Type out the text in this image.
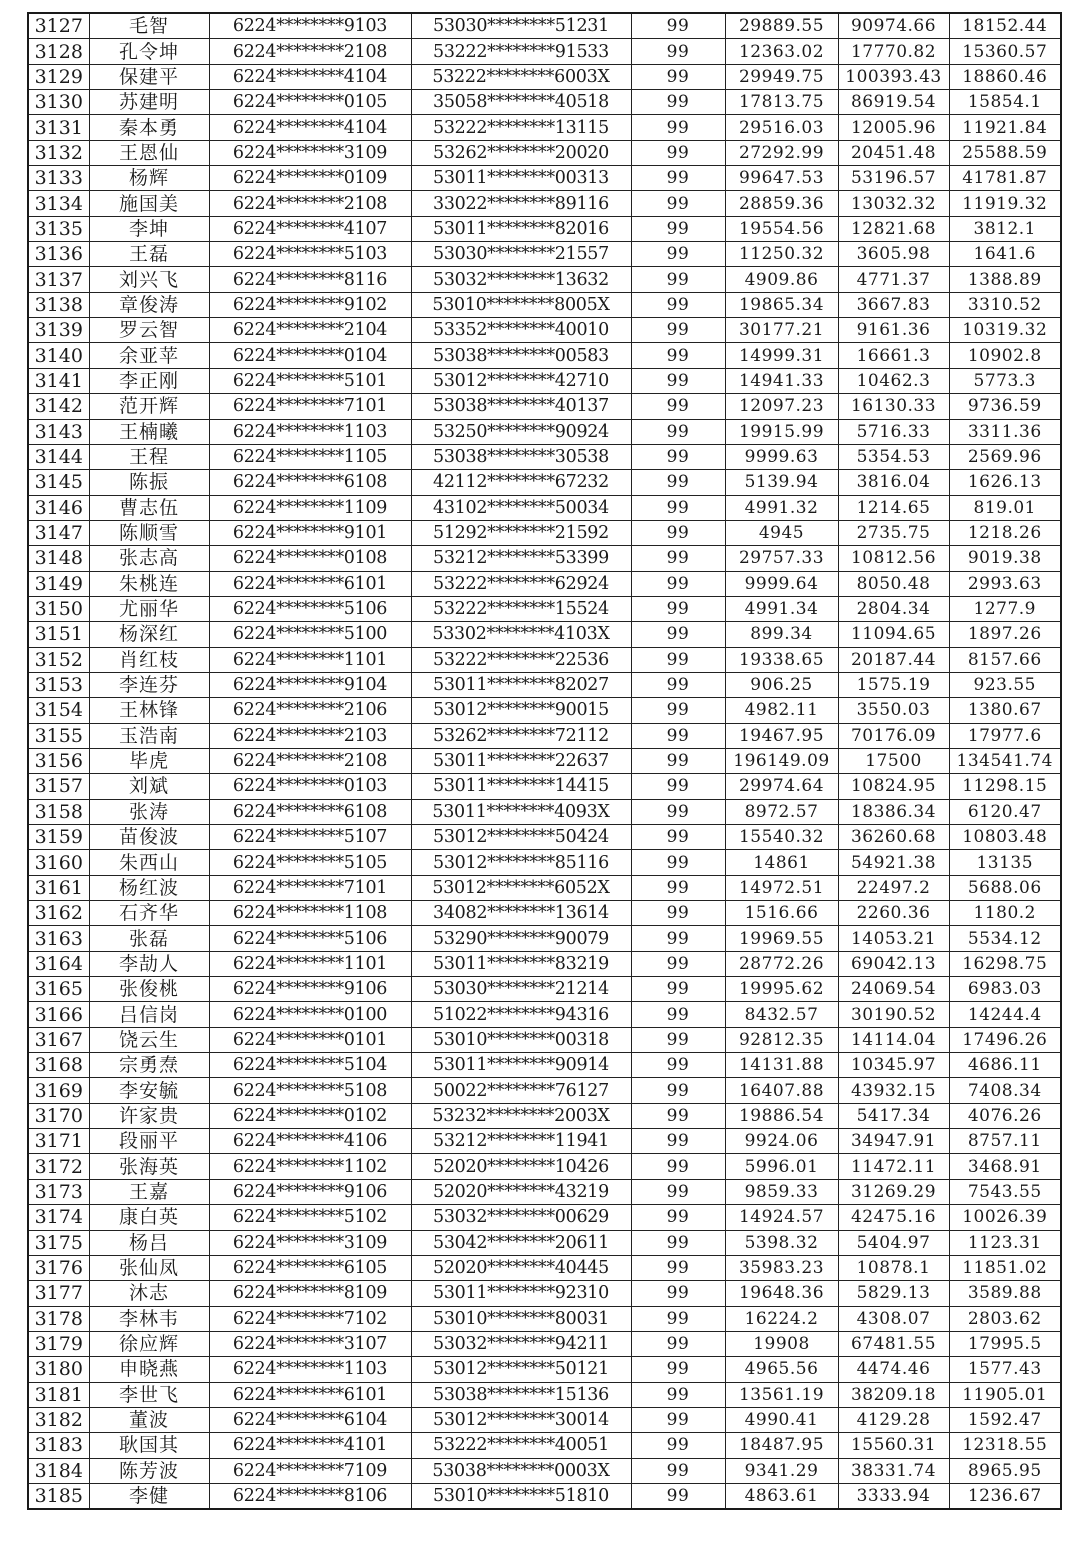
3127	毛智	6224********9103	53030********51231	99	29889.55	90974.66	18152.44
3128	孔令坤	6224********2108	53222********91533	99	12363.02	17770.82	15360.57
3129	保建平	6224********4104	53222********6003X	99	29949.75	100393.43	18860.46
3130	苏建明	6224********0105	35058********40518	99	17813.75	86919.54	15854.1
3131	秦本勇	6224********4104	53222********13115	99	29516.03	12005.96	11921.84
3132	王恩仙	6224********3109	53262********20020	99	27292.99	20451.48	25588.59
3133	杨辉	6224********0109	53011********00313	99	99647.53	53196.57	41781.87
3134	施国美	6224********2108	33022********89116	99	28859.36	13032.32	11919.32
3135	李坤	6224********4107	53011********82016	99	19554.56	12821.68	3812.1
3136	王磊	6224********5103	53030********21557	99	11250.32	3605.98	1641.6
3137	刘兴飞	6224********8116	53032********13632	99	4909.86	4771.37	1388.89
3138	章俊涛	6224********9102	53010********8005X	99	19865.34	3667.83	3310.52
3139	罗云智	6224********2104	53352********40010	99	30177.21	9161.36	10319.32
3140	余亚苹	6224********0104	53038********00583	99	14999.31	16661.3	10902.8
3141	李正刚	6224********5101	53012********42710	99	14941.33	10462.3	5773.3
3142	范开辉	6224********7101	53038********40137	99	12097.23	16130.33	9736.59
3143	王楠曦	6224********1103	53250********90924	99	19915.99	5716.33	3311.36
3144	王程	6224********1105	53038********30538	99	9999.63	5354.53	2569.96
3145	陈振	6224********6108	42112********67232	99	5139.94	3816.04	1626.13
3146	曹志伍	6224********1109	43102********50034	99	4991.32	1214.65	819.01
3147	陈顺雪	6224********9101	51292********21592	99	4945	2735.75	1218.26
3148	张志高	6224********0108	53212********53399	99	29757.33	10812.56	9019.38
3149	朱桃连	6224********6101	53222********62924	99	9999.64	8050.48	2993.63
3150	尤丽华	6224********5106	53222********15524	99	4991.34	2804.34	1277.9
3151	杨深红	6224********5100	53302********4103X	99	899.34	11094.65	1897.26
3152	肖红枝	6224********1101	53222********22536	99	19338.65	20187.44	8157.66
3153	李连芬	6224********9104	53011********82027	99	906.25	1575.19	923.55
3154	王林锋	6224********2106	53012********90015	99	4982.11	3550.03	1380.67
3155	玉浩南	6224********2103	53262********72112	99	19467.95	70176.09	17977.6
3156	毕虎	6224********2108	53011********22637	99	196149.09	17500	134541.74
3157	刘斌	6224********0103	53011********14415	99	29974.64	10824.95	11298.15
3158	张涛	6224********6108	53011********4093X	99	8972.57	18386.34	6120.47
3159	苗俊波	6224********5107	53012********50424	99	15540.32	36260.68	10803.48
3160	朱西山	6224********5105	53012********85116	99	14861	54921.38	13135
3161	杨红波	6224********7101	53012********6052X	99	14972.51	22497.2	5688.06
3162	石齐华	6224********1108	34082********13614	99	1516.66	2260.36	1180.2
3163	张磊	6224********5106	53290********90079	99	19969.55	14053.21	5534.12
3164	李劼人	6224********1101	53011********83219	99	28772.26	69042.13	16298.75
3165	张俊桃	6224********9106	53030********21214	99	19995.62	24069.54	6983.03
3166	吕信岗	6224********0100	51022********94316	99	8432.57	30190.52	14244.4
3167	饶云生	6224********0101	53010********00318	99	92812.35	14114.04	17496.26
3168	宗勇焘	6224********5104	53011********90914	99	14131.88	10345.97	4686.11
3169	李安毓	6224********5108	50022********76127	99	16407.88	43932.15	7408.34
3170	许家贵	6224********0102	53232********2003X	99	19886.54	5417.34	4076.26
3171	段丽平	6224********4106	53212********11941	99	9924.06	34947.91	8757.11
3172	张海英	6224********1102	52020********10426	99	5996.01	11472.11	3468.91
3173	王嘉	6224********9106	52020********43219	99	9859.33	31269.29	7543.55
3174	康白英	6224********5102	53032********00629	99	14924.57	42475.16	10026.39
3175	杨吕	6224********3109	53042********20611	99	5398.32	5404.97	1123.31
3176	张仙凤	6224********6105	52020********40445	99	35983.23	10878.1	11851.02
3177	沐志	6224********8109	53011********92310	99	19648.36	5829.13	3589.88
3178	李林韦	6224********7102	53010********80031	99	16224.2	4308.07	2803.62
3179	徐应辉	6224********3107	53032********94211	99	19908	67481.55	17995.5
3180	申晓燕	6224********1103	53012********50121	99	4965.56	4474.46	1577.43
3181	李世飞	6224********6101	53038********15136	99	13561.19	38209.18	11905.01
3182	董波	6224********6104	53012********30014	99	4990.41	4129.28	1592.47
3183	耿国其	6224********4101	53222********40051	99	18487.95	15560.31	12318.55
3184	陈芳波	6224********7109	53038********0003X	99	9341.29	38331.74	8965.95
3185	李健	6224********8106	53010********51810	99	4863.61	3333.94	1236.67
